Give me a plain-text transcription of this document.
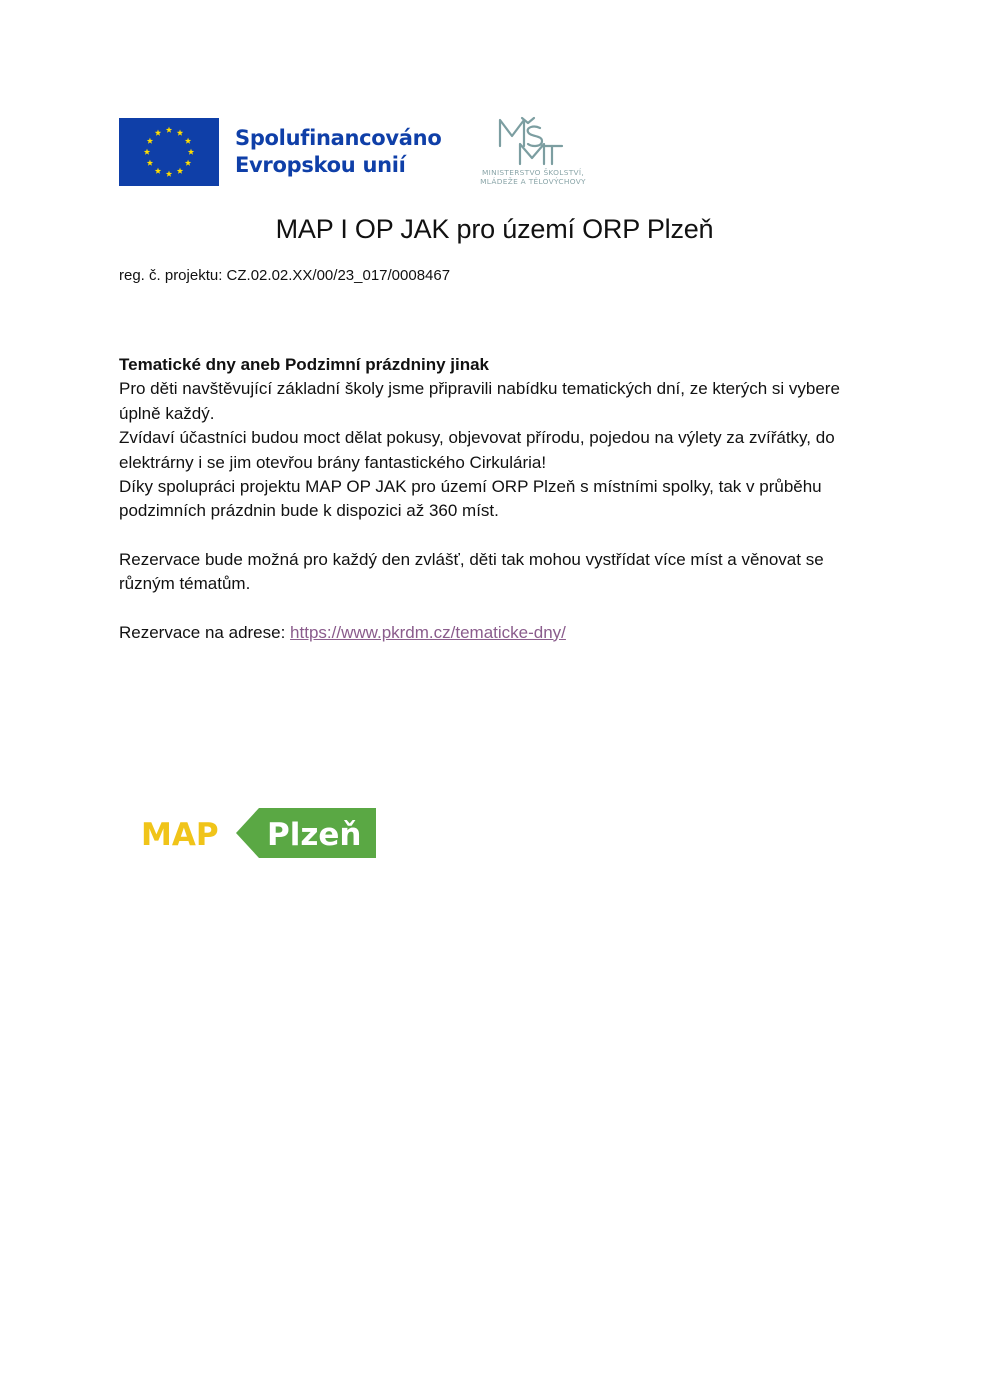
Spolufinancováno
Evropskou unií	MINISTERSTVO ŠKOLSTVÍ,
MLÁDEŽE A TĚLOVÝCHOVY
MAP I OP JAK pro území ORP Plzeň
reg. č. projektu: CZ.02.02.XX/00/23_017/0008467

Tematické dny aneb Podzimní prázdniny jinak

Pro děti navštěvující základní školy jsme připravili nabídku tematických dní, ze kterých si vybere úplně každý.

Zvídaví účastníci budou moct dělat pokusy, objevovat přírodu, pojedou na výlety za zvířátky, do elektrárny i se jim otevřou brány fantastického Cirkulária!

Díky spolupráci projektu MAP OP JAK pro území ORP Plzeň s místními spolky, tak v průběhu podzimních prázdnin bude k dispozici až 360 míst.

Rezervace bude možná pro každý den zvlášť, děti tak mohou vystřídat více míst a věnovat se různým tématům.

Rezervace na adrese: https://www.pkrdm.cz/tematicke-dny/

MAP Plzeň
